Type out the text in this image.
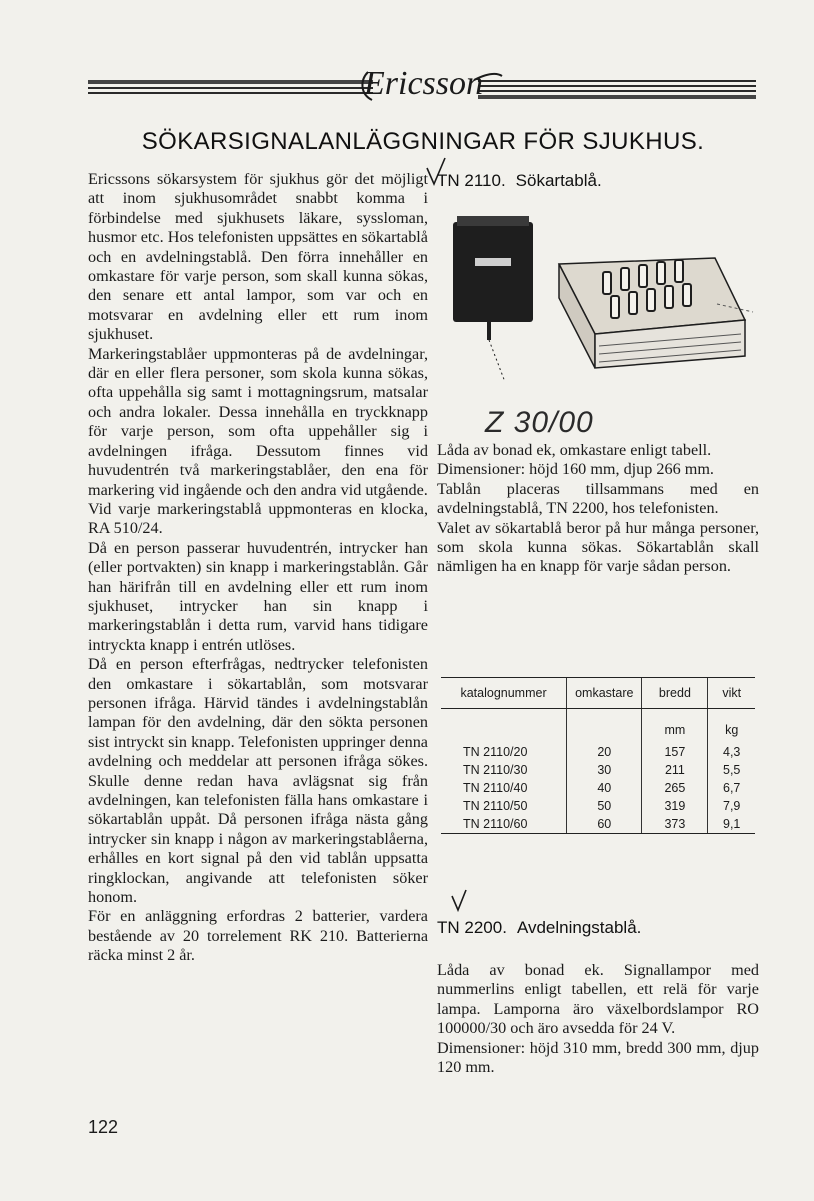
Ericsson
SÖKARSIGNALANLÄGGNINGAR FÖR SJUKHUS.

Ericssons sökarsystem för sjukhus gör det möjligt att inom sjukhusområdet snabbt komma i förbindelse med sjukhusets läkare, syssloman, husmor etc. Hos telefonisten uppsättes en sökartablå och en avdelningstablå. Den förra innehåller en omkastare för varje person, som skall kunna sökas, den senare ett antal lampor, som var och en motsvarar en avdelning eller ett rum inom sjukhuset.

Markeringstablåer uppmonteras på de avdelningar, där en eller flera personer, som skola kunna sökas, ofta uppehålla sig samt i mottagningsrum, matsalar och andra lokaler. Dessa innehålla en tryckknapp för varje person, som ofta uppehåller sig i avdelningen ifråga. Dessutom finnes vid huvudentrén två markeringstablåer, den ena för markering vid ingående och den andra vid utgående.

Vid varje markeringstablå uppmonteras en klocka, RA 510/24.

Då en person passerar huvudentrén, intrycker han (eller portvakten) sin knapp i markeringstablån. Går han härifrån till en avdelning eller ett rum inom sjukhuset, intrycker han sin knapp i markeringstablån i detta rum, varvid hans tidigare intryckta knapp i entrén utlöses.

Då en person efterfrågas, nedtrycker telefonisten den omkastare i sökartablån, som motsvarar personen ifråga. Härvid tändes i avdelningstablån lampan för den avdelning, där den sökta personen sist intryckt sin knapp. Telefonisten uppringer denna avdelning och meddelar att personen ifråga sökes. Skulle denne redan hava avlägsnat sig från avdelningen, kan telefonisten fälla hans omkastare i sökartablån uppåt. Då personen ifråga nästa gång intrycker sin knapp i någon av markeringstablåerna, erhålles en kort signal på den vid tablån uppsatta ringklockan, angivande att telefonisten söker honom.

För en anläggning erfordras 2 batterier, vardera bestående av 20 torrelement RK 210. Batterierna räcka minst 2 år.

TN 2110. Sökartablå.
Z 30/00

Låda av bonad ek, omkastare enligt tabell.

Dimensioner: höjd 160 mm, djup 266 mm.

Tablån placeras tillsammans med en avdelningstablå, TN 2200, hos telefonisten.

Valet av sökartablå beror på hur många personer, som skola kunna sökas. Sökartablån skall nämligen ha en knapp för varje sådan person.

katalognummer	omkastare	bredd	vikt
		mm	kg
TN 2110/20	20	157	4,3
TN 2110/30	30	211	5,5
TN 2110/40	40	265	6,7
TN 2110/50	50	319	7,9
TN 2110/60	60	373	9,1
TN 2200. Avdelningstablå.

Låda av bonad ek. Signallampor med nummerlins enligt tabellen, ett relä för varje lampa. Lamporna äro växelbordslampor RO 100000/30 och äro avsedda för 24 V.

Dimensioner: höjd 310 mm, bredd 300 mm, djup 120 mm.

122
